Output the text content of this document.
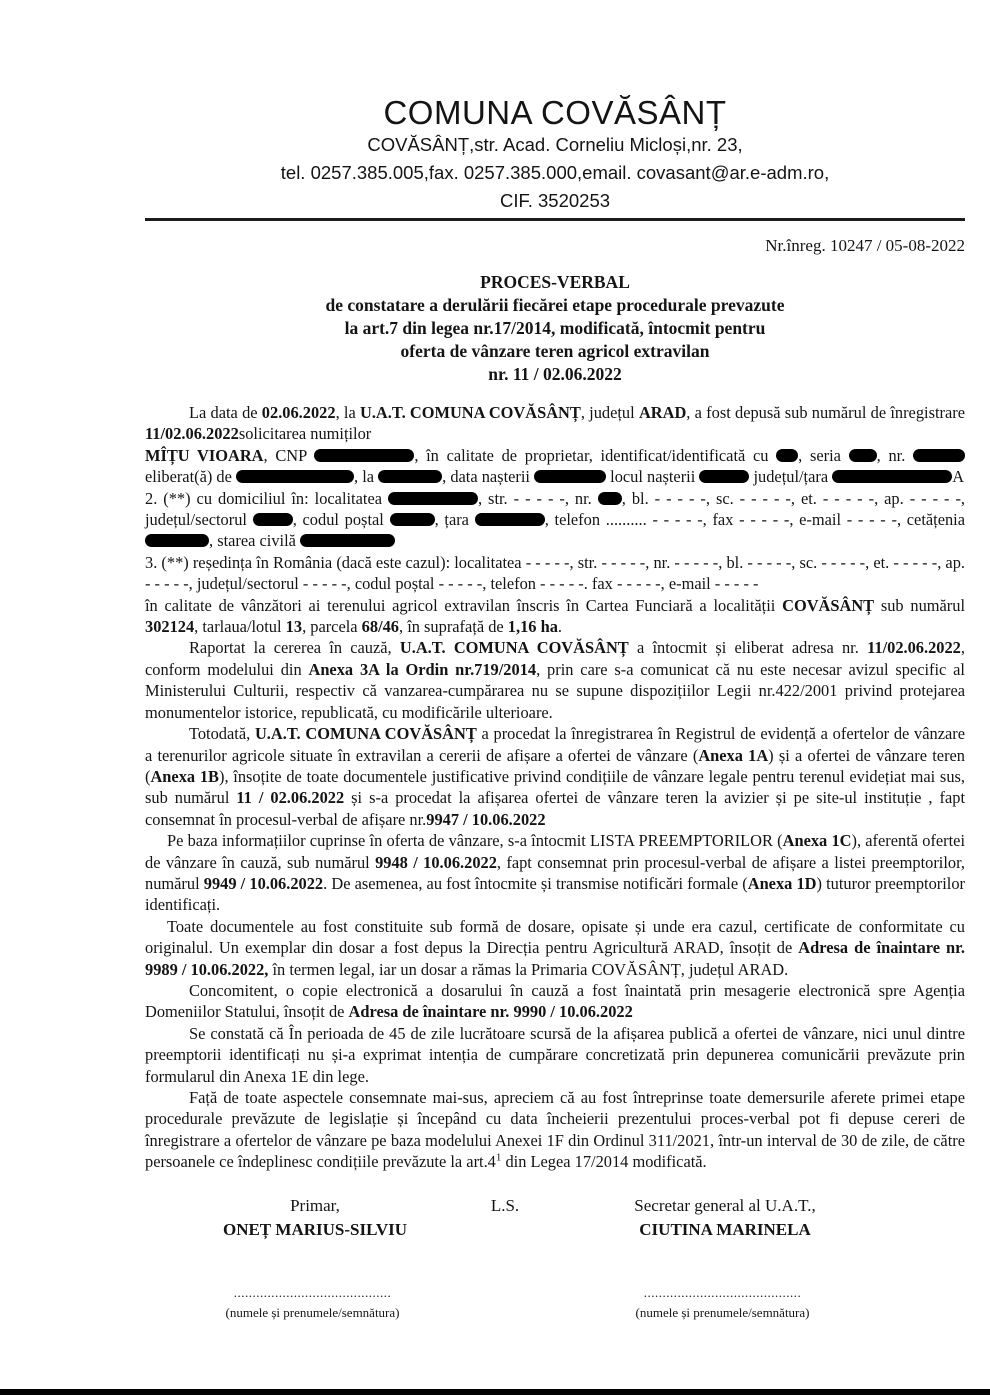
COMUNA COVĂSÂNȚ
COVĂSÂNȚ,str. Acad. Corneliu Micloși,nr. 23,
tel. 0257.385.005,fax. 0257.385.000,email. covasant@ar.e-adm.ro,
CIF. 3520253
Nr.înreg. 10247 / 05-08-2022
PROCES-VERBAL
de constatare a derulării fiecărei etape procedurale prevazute
la art.7 din legea nr.17/2014, modificată, întocmit pentru
oferta de vânzare teren agricol extravilan
nr. 11 / 02.06.2022

La data de 02.06.2022, la U.A.T. COMUNA COVĂSÂNȚ, județul ARAD, a fost depusă sub numărul de înregistrare 11/02.06.2022solicitarea numiților

MÎȚU VIOARA, CNP	, în calitate de proprietar, identificat/identificată cu , seria , nr.  eliberat(ă) de	, la	, data nașterii	locul nașterii	județul/țara	A

2. (**) cu domiciliul în: localitatea	, str. - - - - -, nr. , bl. - - - - -, sc. - - - - -, et. - - - - -, ap. - - - - -, județul/sectorul , codul poștal	, țara	, telefon .......... - - - - -, fax - - - - -, e-mail - - - - -, cetățenia , starea civilă

3. (**) reședința în România (dacă este cazul): localitatea - - - - -, str. - - - - -, nr. - - - - -, bl. - - - - -, sc. - - - - -, et. - - - - -, ap. - - - - -, județul/sectorul - - - - -, codul poștal - - - - -, telefon - - - - -. fax - - - - -, e-mail - - - - -

în calitate de vânzători ai terenului agricol extravilan înscris în Cartea Funciară a localității COVĂSÂNȚ sub numărul 302124, tarlaua/lotul 13, parcela 68/46, în suprafață de 1,16 ha.

Raportat la cererea în cauză, U.A.T. COMUNA COVĂSÂNȚ a întocmit și eliberat adresa nr. 11/02.06.2022, conform modelului din Anexa 3A la Ordin nr.719/2014, prin care s-a comunicat că nu este necesar avizul specific al Ministerului Culturii, respectiv că vanzarea-cumpărarea nu se supune dispozițiilor Legii nr.422/2001 privind protejarea monumentelor istorice, republicată, cu modificările ulterioare.

Totodată, U.A.T. COMUNA COVĂSÂNȚ a procedat la înregistrarea în Registrul de evidență a ofertelor de vânzare a terenurilor agricole situate în extravilan a cererii de afișare a ofertei de vânzare (Anexa 1A) și a ofertei de vânzare teren (Anexa 1B), însoțite de toate documentele justificative privind condițiile de vânzare legale pentru terenul evidețiat mai sus, sub numărul 11 / 02.06.2022 și s-a procedat la afișarea ofertei de vânzare teren la avizier și pe site-ul instituție , fapt consemnat în procesul-verbal de afișare nr.9947 / 10.06.2022

Pe baza informațiilor cuprinse în oferta de vânzare, s-a întocmit LISTA PREEMPTORILOR (Anexa 1C), aferentă ofertei de vânzare în cauză, sub numărul 9948 / 10.06.2022, fapt consemnat prin procesul-verbal de afișare a listei preemptorilor, numărul 9949 / 10.06.2022. De asemenea, au fost întocmite și transmise notificări formale (Anexa 1D) tuturor preemptorilor identificați.

Toate documentele au fost constituite sub formă de dosare, opisate și unde era cazul, certificate de conformitate cu originalul. Un exemplar din dosar a fost depus la Direcția pentru Agricultură ARAD, însoțit de Adresa de înaintare nr. 9989 / 10.06.2022, în termen legal, iar un dosar a rămas la Primaria COVĂSÂNȚ, județul ARAD.

Concomitent, o copie electronică a dosarului în cauză a fost înaintată prin mesagerie electronică spre Agenția Domeniilor Statului, însoțit de Adresa de înaintare nr. 9990 / 10.06.2022

Se constată că În perioada de 45 de zile lucrătoare scursă de la afișarea publică a ofertei de vânzare, nici unul dintre preemptorii identificați nu și-a exprimat intenția de cumpărare concretizată prin depunerea comunicării prevăzute prin formularul din Anexa 1E din lege.

Față de toate aspectele consemnate mai-sus, apreciem că au fost întreprinse toate demersurile aferete primei etape procedurale prevăzute de legislație și începând cu data încheierii prezentului proces-verbal pot fi depuse cereri de înregistrare a ofertelor de vânzare pe baza modelului Anexei 1F din Ordinul 311/2021, într-un interval de 30 de zile, de către persoanele ce îndeplinesc condițiile prevăzute la $art.4^1$ din Legea 17/2014 modificată.

Primar,
ONEȚ MARIUS-SILVIU
L.S.	Secretar general al U.A.T.,
CIUTINA MARINELA
..........................................
(numele și prenumele/semnătura)
..........................................
(numele și prenumele/semnătura)
